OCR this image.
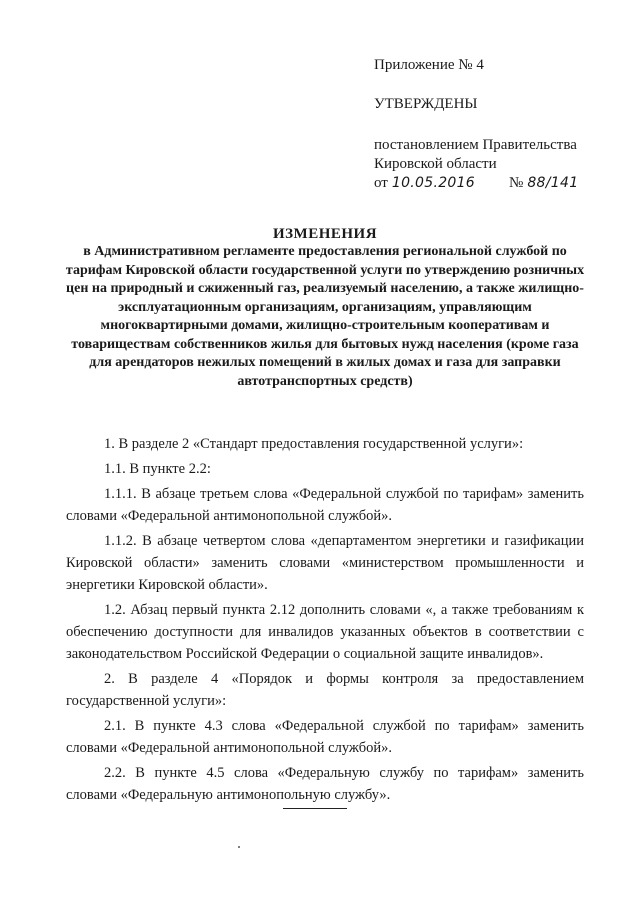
Приложение № 4
УТВЕРЖДЕНЫ
постановлением Правительства
Кировской области
от 10.05.2016 № 88/141
ИЗМЕНЕНИЯ
в Административном регламенте предоставления региональной службой по тарифам Кировской области государственной услуги по утверждению розничных цен на природный и сжиженный газ, реализуемый населению, а также жилищно-эксплуатационным организациям, организациям, управляющим многоквартирными домами, жилищно-строительным кооперативам и товариществам собственников жилья для бытовых нужд населения (кроме газа для арендаторов нежилых помещений в жилых домах и газа для заправки автотранспортных средств)

1. В разделе 2 «Стандарт предоставления государственной услуги»:

1.1. В пункте 2.2:

1.1.1. В абзаце третьем слова «Федеральной службой по тарифам» заменить словами «Федеральной антимонопольной службой».

1.1.2. В абзаце четвертом слова «департаментом энергетики и газификации Кировской области» заменить словами «министерством промышленности и энергетики Кировской области».

1.2. Абзац первый пункта 2.12 дополнить словами «, а также требованиям к обеспечению доступности для инвалидов указанных объектов в соответствии с законодательством Российской Федерации о социальной защите инвалидов».

2. В разделе 4 «Порядок и формы контроля за предоставлением государственной услуги»:

2.1. В пункте 4.3 слова «Федеральной службой по тарифам» заменить словами «Федеральной антимонопольной службой».

2.2. В пункте 4.5 слова «Федеральную службу по тарифам» заменить словами «Федеральную антимонопольную службу».
